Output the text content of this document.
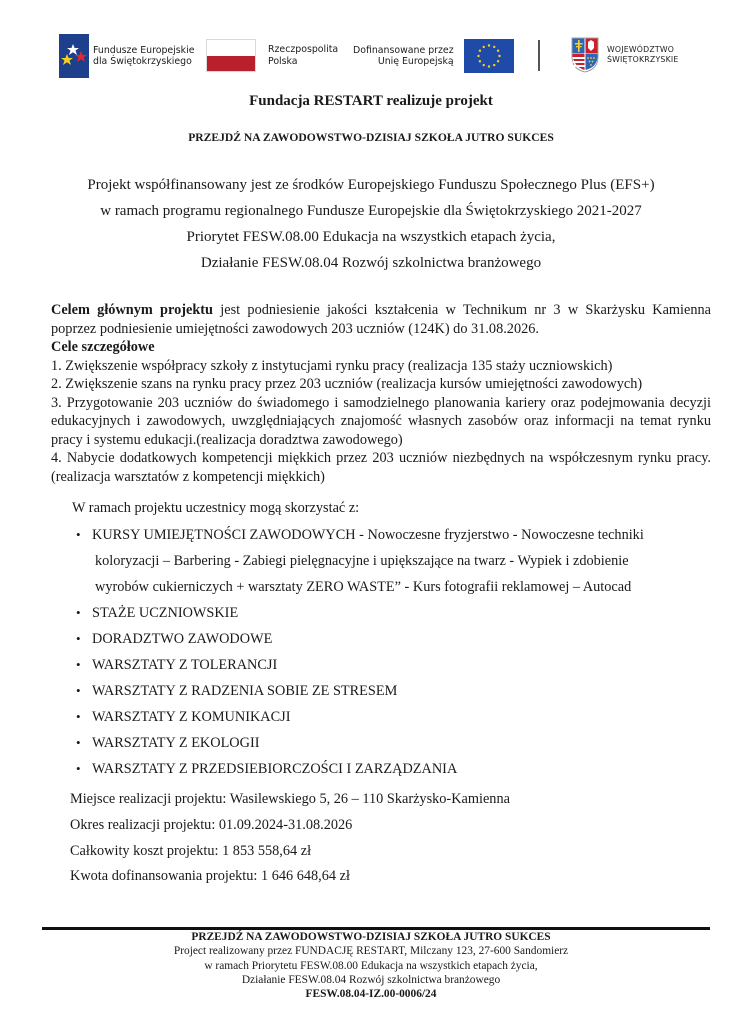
Fundusze Europejskie
dla Świętokrzyskiego
Rzeczpospolita
Polska
Dofinansowane przez
Unię Europejską
WOJEWÓDZTWO
ŚWIĘTOKRZYSKIE
Fundacja RESTART realizuje projekt
PRZEJDŹ NA ZAWODOWSTWO-DZISIAJ SZKOŁA JUTRO SUKCES
Projekt współfinansowany jest ze środków Europejskiego Funduszu Społecznego Plus (EFS+)
w ramach programu regionalnego Fundusze Europejskie dla Świętokrzyskiego 2021-2027
Priorytet FESW.08.00 Edukacja na wszystkich etapach życia,
Działanie FESW.08.04 Rozwój szkolnictwa branżowego

Celem głównym projektu jest podniesienie jakości kształcenia w Technikum nr 3 w Skarżysku Kamienna poprzez podniesienie umiejętności zawodowych 203 uczniów (124K) do 31.08.2026.

Cele szczegółowe

1. Zwiększenie współpracy szkoły z instytucjami rynku pracy (realizacja 135 staży uczniowskich)

2. Zwiększenie szans na rynku pracy przez 203 uczniów (realizacja kursów umiejętności zawodowych)

3. Przygotowanie 203 uczniów do świadomego i samodzielnego planowania kariery oraz podejmowania decyzji edukacyjnych i zawodowych, uwzględniających znajomość własnych zasobów oraz informacji na temat rynku pracy i systemu edukacji.(realizacja doradztwa zawodowego)

4. Nabycie dodatkowych kompetencji miękkich przez 203 uczniów niezbędnych na współczesnym rynku pracy. (realizacja warsztatów z kompetencji miękkich)

W ramach projektu uczestnicy mogą skorzystać z:
• KURSY UMIEJĘTNOŚCI ZAWODOWYCH - Nowoczesne fryzjerstwo - Nowoczesne techniki
koloryzacji – Barbering - Zabiegi pielęgnacyjne i upiększające na twarz - Wypiek i zdobienie
wyrobów cukierniczych + warsztaty ZERO WASTE” - Kurs fotografii reklamowej – Autocad
• STAŻE UCZNIOWSKIE
• DORADZTWO ZAWODOWE
• WARSZTATY Z TOLERANCJI
• WARSZTATY Z RADZENIA SOBIE ZE STRESEM
• WARSZTATY Z KOMUNIKACJI
• WARSZTATY Z EKOLOGII
• WARSZTATY Z PRZEDSIEBIORCZOŚCI I ZARZĄDZANIA
Miejsce realizacji projektu: Wasilewskiego 5, 26 – 110 Skarżysko-Kamienna
Okres realizacji projektu: 01.09.2024-31.08.2026
Całkowity koszt projektu: 1 853 558,64 zł
Kwota dofinansowania projektu: 1 646 648,64 zł
PRZEJDŹ NA ZAWODOWSTWO-DZISIAJ SZKOŁA JUTRO SUKCES
Project realizowany przez FUNDACJĘ RESTART, Milczany 123, 27-600 Sandomierz
w ramach Priorytetu FESW.08.00 Edukacja na wszystkich etapach życia,
Działanie FESW.08.04 Rozwój szkolnictwa branżowego
FESW.08.04-IZ.00-0006/24
